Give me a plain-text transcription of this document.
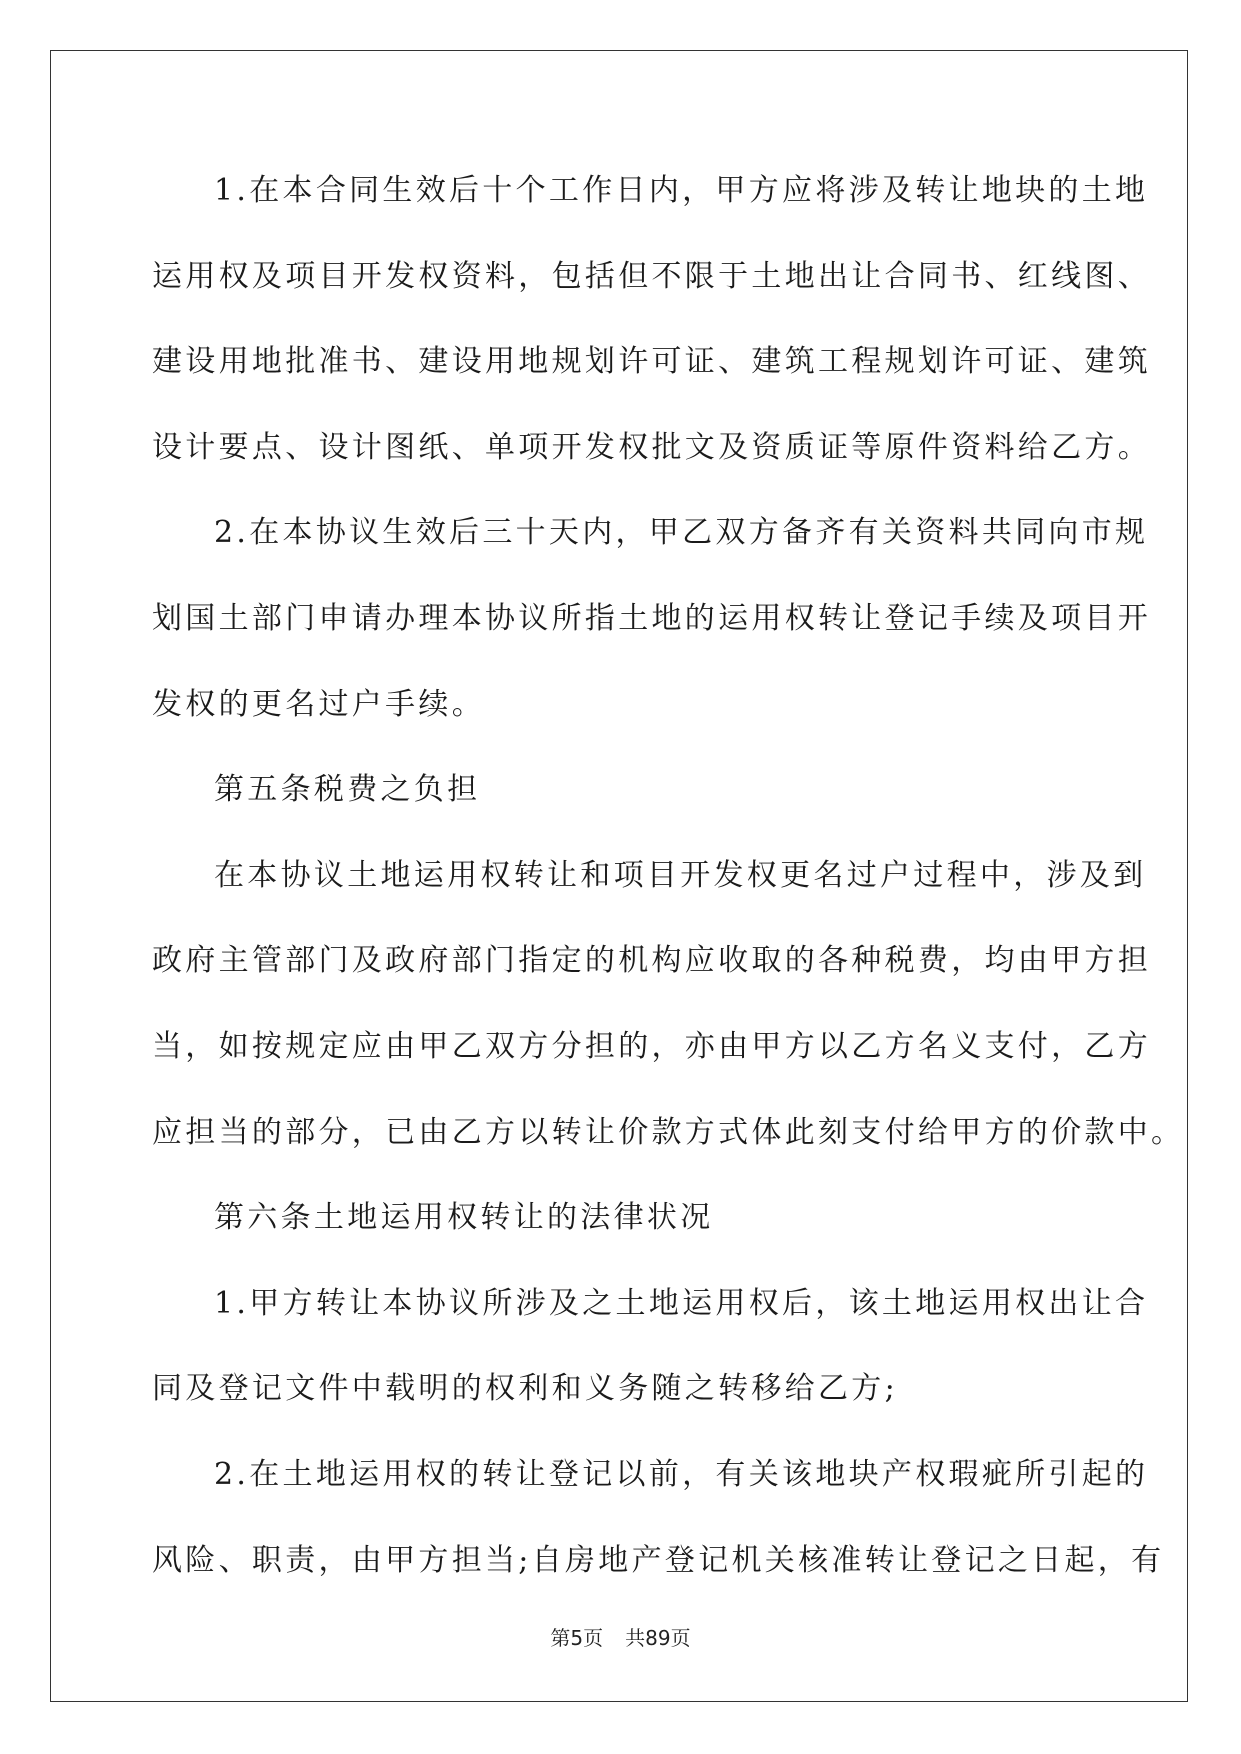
1.在本合同生效后十个工作日内，甲方应将涉及转让地块的土地
运用权及项目开发权资料，包括但不限于土地出让合同书、红线图、
建设用地批准书、建设用地规划许可证、建筑工程规划许可证、建筑
设计要点、设计图纸、单项开发权批文及资质证等原件资料给乙方。
2.在本协议生效后三十天内，甲乙双方备齐有关资料共同向市规
划国土部门申请办理本协议所指土地的运用权转让登记手续及项目开
发权的更名过户手续。
第五条税费之负担
在本协议土地运用权转让和项目开发权更名过户过程中，涉及到
政府主管部门及政府部门指定的机构应收取的各种税费，均由甲方担
当，如按规定应由甲乙双方分担的，亦由甲方以乙方名义支付，乙方
应担当的部分，已由乙方以转让价款方式体此刻支付给甲方的价款中。
第六条土地运用权转让的法律状况
1.甲方转让本协议所涉及之土地运用权后，该土地运用权出让合
同及登记文件中载明的权利和义务随之转移给乙方;
2.在土地运用权的转让登记以前，有关该地块产权瑕疵所引起的
风险、职责，由甲方担当;自房地产登记机关核准转让登记之日起，有
第5页 共89页
